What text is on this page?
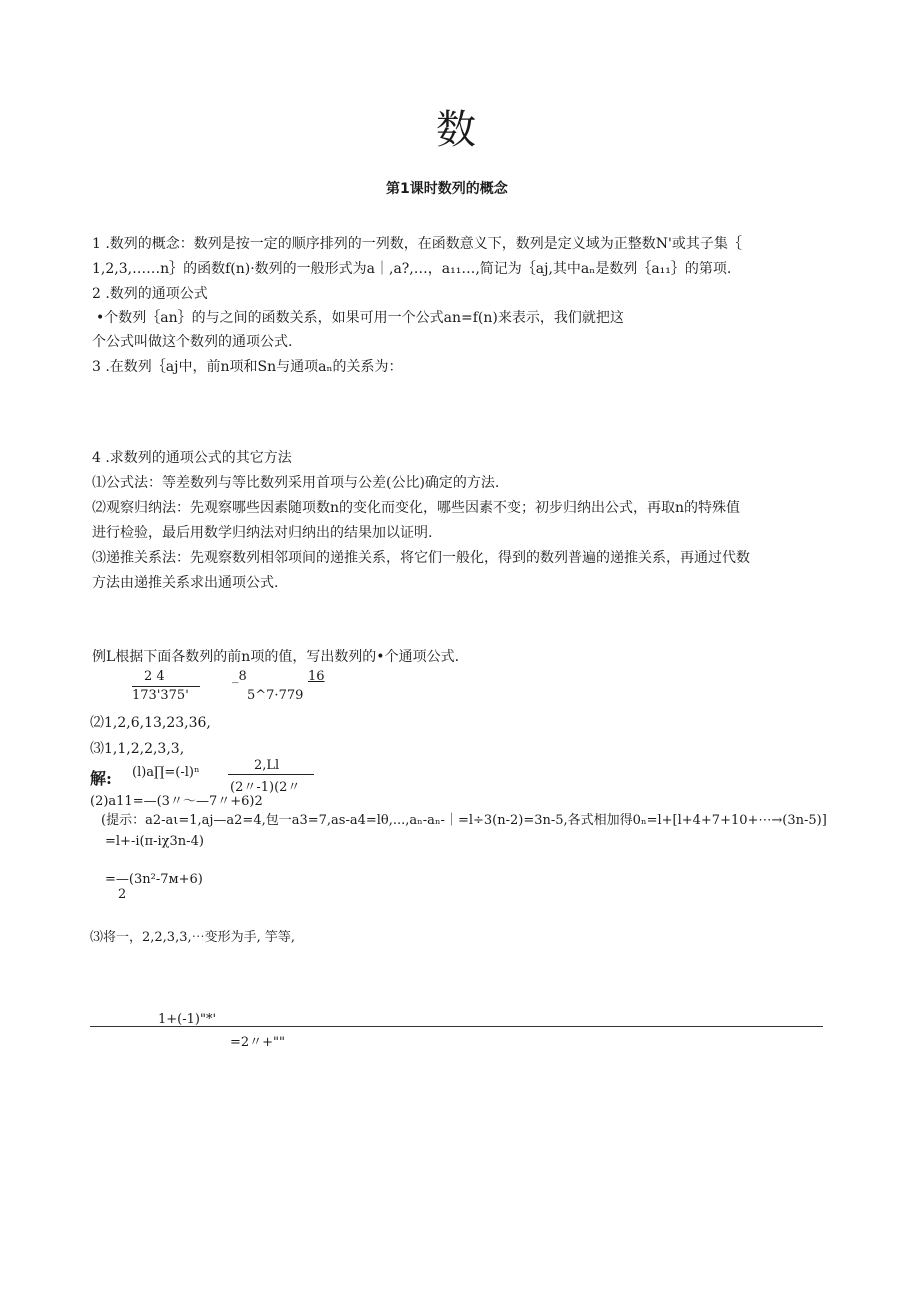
数
第1课时数列的概念
1 .数列的概念：数列是按一定的顺序排列的一列数，在函数意义下，数列是定义域为正整数N'或其子集｛
1,2,3,……n｝的函数f(n)·数列的一般形式为a｜,a?,…，a₁₁…,简记为｛aj,其中aₙ是数列｛a₁₁｝的第项.
2 .数列的通项公式
•个数列｛an｝的与之间的函数关系，如果可用一个公式an=f(n)来表示，我们就把这
个公式叫做这个数列的通项公式.
3 .在数列｛aj中，前n项和Sn与通项aₙ的关系为：
4 .求数列的通项公式的其它方法
⑴公式法：等差数列与等比数列采用首项与公差(公比)确定的方法.
⑵观察归纳法：先观察哪些因素随项数n的变化而变化，哪些因素不变；初步归纳出公式，再取n的特殊值
进行检验，最后用数学归纳法对归纳出的结果加以证明.
⑶递推关系法：先观察数列相邻项间的递推关系，将它们一般化，得到的数列普遍的递推关系，再通过代数
方法由递推关系求出通项公式.
例L根据下面各数列的前n项的值，写出数列的•个通项公式.
2 4
173'375'
_8
5^7·779
16
⑵1,2,6,13,23,36,
⑶1,1,2,2,3,3,
解: (l)a∏=(-l)ⁿ	2,Ll
(2〃-1)(2〃
(2)a11=—(3〃～—7〃+6)2
(提示：a2-aι=1,aj—a2=4,包一a3=7,as-a4=lθ,...,aₙ-aₙ-｜=l÷3(n-2)=3n-5,各式相加得0ₙ=l+[l+4+7+10+⋯→(3n-5)]
=l+-i(π-iχ3n-4)
=—(3n²-7м+6)
2
⑶将一，2,2,3,3,⋯变形为手, 竽等,
1+(-1)"*'
=2〃+""
